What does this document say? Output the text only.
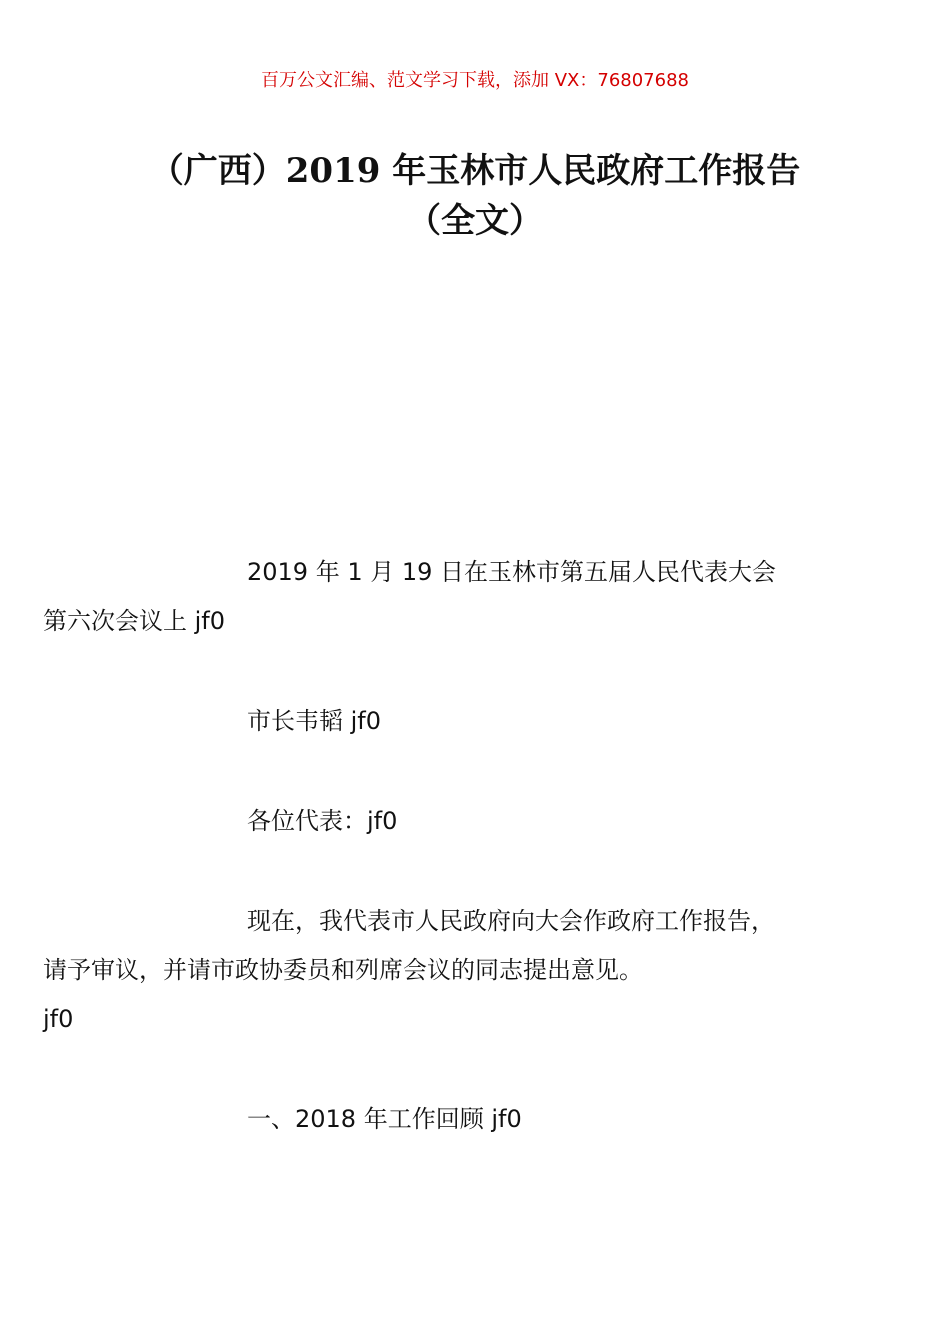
百万公文汇编、范文学习下载，添加 VX：76807688
（广西）2019 年玉林市人民政府工作报告
（全文）
2019 年 1 月 19 日在玉林市第五届人民代表大会
第六次会议上 jf0
市长韦韬 jf0
各位代表：jf0
现在，我代表市人民政府向大会作政府工作报告，
请予审议，并请市政协委员和列席会议的同志提出意见。
jf0
一、2018 年工作回顾 jf0
